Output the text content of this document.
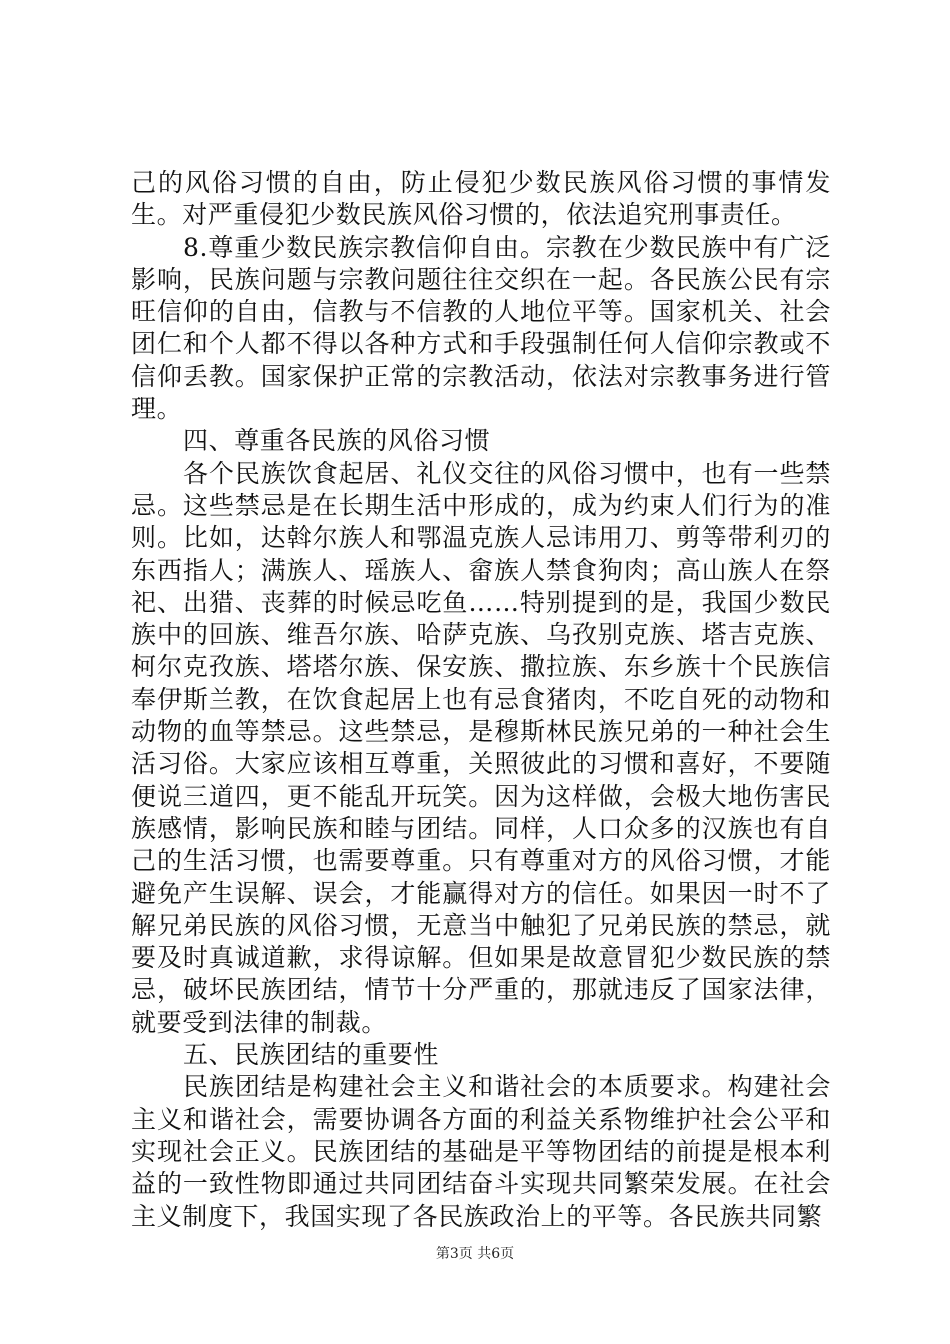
己的风俗习惯的自由，防止侵犯少数民族风俗习惯的事情发生。对严重侵犯少数民族风俗习惯的，依法追究刑事责任。

8.尊重少数民族宗教信仰自由。宗教在少数民族中有广泛影响，民族问题与宗教问题往往交织在一起。各民族公民有宗旺信仰的自由，信教与不信教的人地位平等。国家机关、社会团仁和个人都不得以各种方式和手段强制任何人信仰宗教或不信仰丢教。国家保护正常的宗教活动，依法对宗教事务进行管理。

四、尊重各民族的风俗习惯

各个民族饮食起居、礼仪交往的风俗习惯中，也有一些禁忌。这些禁忌是在长期生活中形成的，成为约束人们行为的准则。比如，达斡尔族人和鄂温克族人忌讳用刀、剪等带利刃的东西指人；满族人、瑶族人、畲族人禁食狗肉；高山族人在祭祀、出猎、丧葬的时候忌吃鱼……特别提到的是，我国少数民族中的回族、维吾尔族、哈萨克族、乌孜别克族、塔吉克族、柯尔克孜族、塔塔尔族、保安族、撒拉族、东乡族十个民族信奉伊斯兰教，在饮食起居上也有忌食猪肉，不吃自死的动物和动物的血等禁忌。这些禁忌，是穆斯林民族兄弟的一种社会生活习俗。大家应该相互尊重，关照彼此的习惯和喜好，不要随便说三道四，更不能乱开玩笑。因为这样做，会极大地伤害民族感情，影响民族和睦与团结。同样，人口众多的汉族也有自己的生活习惯，也需要尊重。只有尊重对方的风俗习惯，才能避免产生误解、误会，才能赢得对方的信任。如果因一时不了解兄弟民族的风俗习惯，无意当中触犯了兄弟民族的禁忌，就要及时真诚道歉，求得谅解。但如果是故意冒犯少数民族的禁忌，破坏民族团结，情节十分严重的，那就违反了国家法律，就要受到法律的制裁。

五、民族团结的重要性

民族团结是构建社会主义和谐社会的本质要求。构建社会主义和谐社会，需要协调各方面的利益关系物维护社会公平和实现社会正义。民族团结的基础是平等物团结的前提是根本利益的一致性物即通过共同团结奋斗实现共同繁荣发展。在社会主义制度下，我国实现了各民族政治上的平等。各民族共同繁

第3页 共6页
